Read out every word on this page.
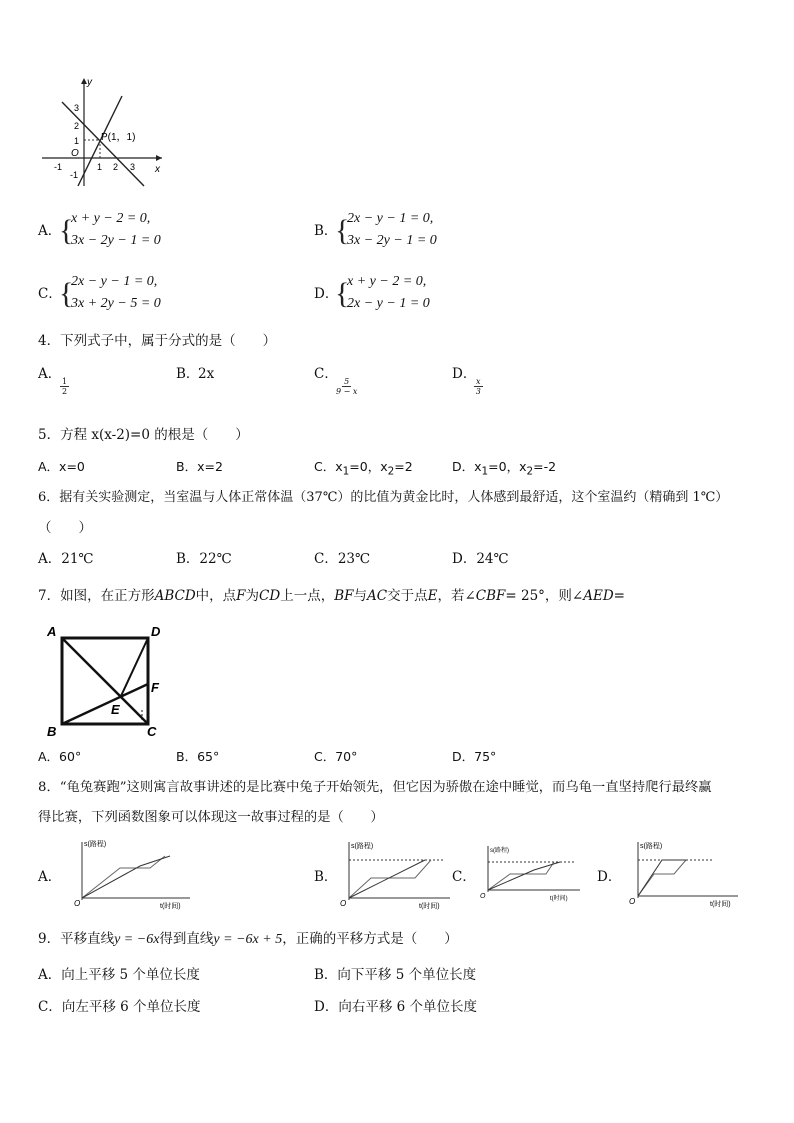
y
x
O
3
2
1
-1
-1	1 2 3
P(1，1)
A．
{
x + y − 2 = 0,
3x − 2y − 1 = 0
B．
{
2x − y − 1 = 0,
3x − 2y − 1 = 0
C．
{
2x − y − 1 = 0,
3x + 2y − 5 = 0
D．
{
x + y − 2 = 0,
2x − y − 1 = 0
4．下列式子中，属于分式的是（　　）
A．
$\frac{1}{2}$
B．
2x	C．
$\frac{5}{9 - x}$
D．
$\frac{x}{3}$
5．方程 x(x-2)=0 的根是（　　）
A．x=0	B．x=2	C．$x_1=0$，$x_2=2$	D．$x_1=0$，$x_2=-2$
6．据有关实验测定，当室温与人体正常体温（37℃）的比值为黄金比时，人体感到最舒适，这个室温约（精确到 1℃）
（　　）
A．21℃	B．22℃	C．23℃	D．24℃
7．如图，在正方形ABCD中，点F为CD上一点，BF与AC交于点E，若∠CBF= 25°，则∠AED=
A	D
B	C
E
F
A．60°	B．65°	C．70°	D．75°
8．“龟兔赛跑”这则寓言故事讲述的是比赛中兔子开始领先，但它因为骄傲在途中睡觉，而乌龟一直坚持爬行最终赢
得比赛，下列函数图象可以体现这一故事过程的是（　　）
A．
s(路程)
t(时间)
O
B．
s(路程)
t(时间)
O
C．
s(路程)
t(时间)
O
D．
s(路程)
t(时间)
O
9．平移直线y = −6x得到直线y = −6x + 5，正确的平移方式是（　　）
A．向上平移 5 个单位长度	B．向下平移 5 个单位长度
C．向左平移 6 个单位长度	D．向右平移 6 个单位长度
